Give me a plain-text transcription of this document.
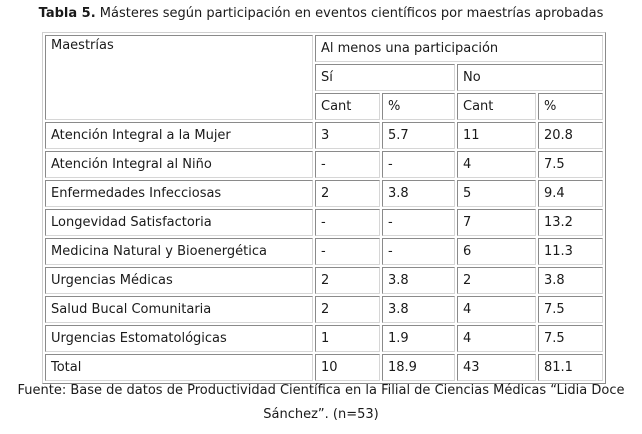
Tabla 5. Másteres según participación en eventos científicos por maestrías aprobadas
Maestrías	Al menos una participación			
	Sí		No	
	Cant	%	Cant	%
Atención Integral a la Mujer	3	5.7	11	20.8
Atención Integral al Niño	-	-	4	7.5
Enfermedades Infecciosas	2	3.8	5	9.4
Longevidad Satisfactoria	-	-	7	13.2
Medicina Natural y Bioenergética	-	-	6	11.3
Urgencias Médicas	2	3.8	2	3.8
Salud Bucal Comunitaria	2	3.8	4	7.5
Urgencias Estomatológicas	1	1.9	4	7.5
Total	10	18.9	43	81.1
Fuente: Base de datos de Productividad Científica en la Filial de Ciencias Médicas “Lidia Doce
Sánchez”. (n=53)
